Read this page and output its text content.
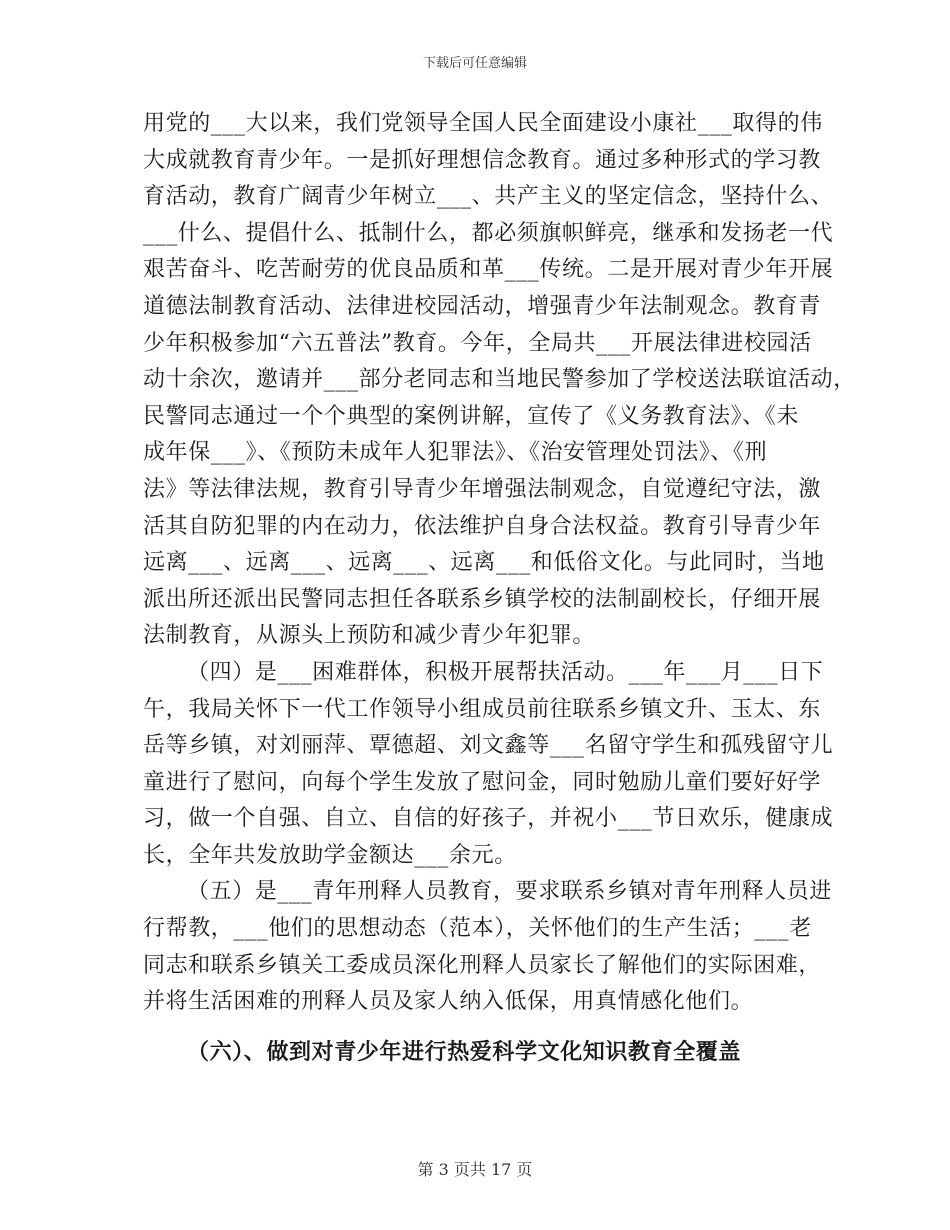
下载后可任意编辑
用党的___大以来，我们党领导全国人民全面建设小康社___取得的伟
大成就教育青少年。一是抓好理想信念教育。通过多种形式的学习教
育活动，教育广阔青少年树立___、共产主义的坚定信念，坚持什么、
___什么、提倡什么、抵制什么，都必须旗帜鲜亮，继承和发扬老一代
艰苦奋斗、吃苦耐劳的优良品质和革___传统。二是开展对青少年开展
道德法制教育活动、法律进校园活动，增强青少年法制观念。教育青
少年积极参加“六五普法”教育。今年，全局共___开展法律进校园活
动十余次，邀请并___部分老同志和当地民警参加了学校送法联谊活动，
民警同志通过一个个典型的案例讲解，宣传了《义务教育法》、《未
成年保___》、《预防未成年人犯罪法》、《治安管理处罚法》、《刑
法》等法律法规，教育引导青少年增强法制观念，自觉遵纪守法，激
活其自防犯罪的内在动力，依法维护自身合法权益。教育引导青少年
远离___、远离___、远离___、远离___和低俗文化。与此同时，当地
派出所还派出民警同志担任各联系乡镇学校的法制副校长，仔细开展
法制教育，从源头上预防和减少青少年犯罪。
（四）是___困难群体，积极开展帮扶活动。___年___月___日下
午，我局关怀下一代工作领导小组成员前往联系乡镇文升、玉太、东
岳等乡镇，对刘丽萍、覃德超、刘文鑫等___名留守学生和孤残留守儿
童进行了慰问，向每个学生发放了慰问金，同时勉励儿童们要好好学
习，做一个自强、自立、自信的好孩子，并祝小___节日欢乐，健康成
长，全年共发放助学金额达___余元。
（五）是___青年刑释人员教育，要求联系乡镇对青年刑释人员进
行帮教，___他们的思想动态（范本），关怀他们的生产生活；___老
同志和联系乡镇关工委成员深化刑释人员家长了解他们的实际困难，
并将生活困难的刑释人员及家人纳入低保，用真情感化他们。
（六）、做到对青少年进行热爱科学文化知识教育全覆盖
第 3 页共 17 页
